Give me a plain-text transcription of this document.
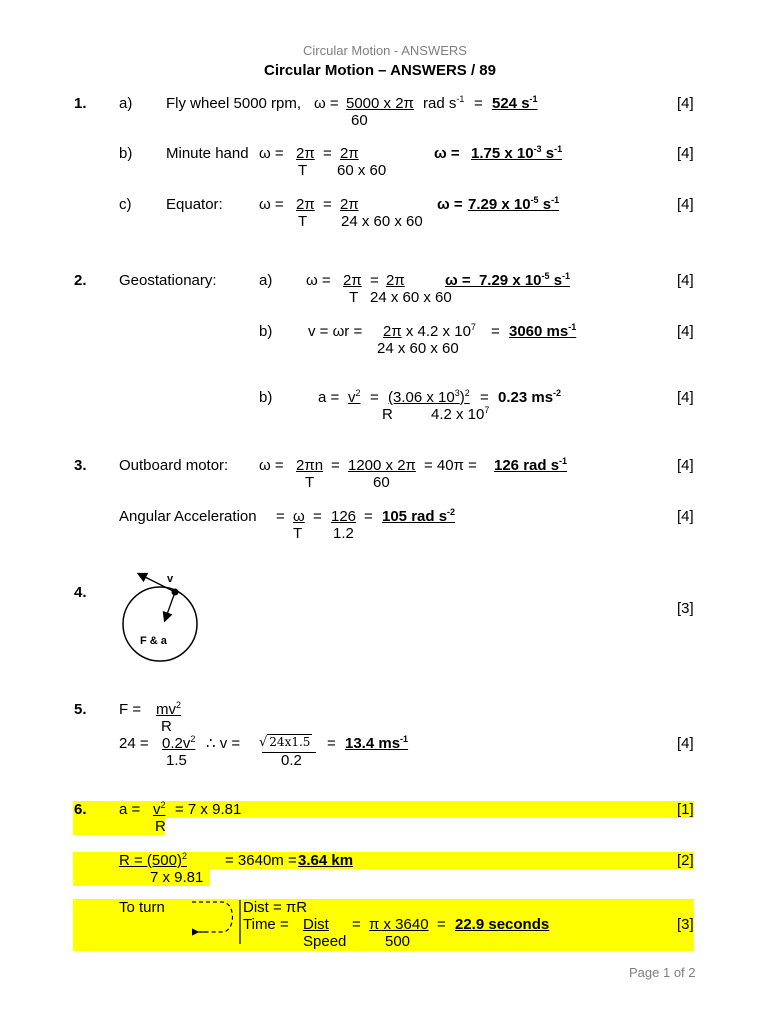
Circular Motion - ANSWERS
Circular Motion – ANSWERS / 89
1. a) Fly wheel 5000 rpm, ω = 5000 x 2π rad $s^{-1} = 524$ $s^{-1}$
60
[4]
b) Minute hand ω = 2π = 2π
T 60 x 60
ω = 1.75 x $10^{-3}$ $s^{-1}$	[4]
c) Equator: ω = 2π = 2π
T 24 x 60 x 60
ω = 7.29 x $10^{-5}$ $s^{-1}$	[4]
2. Geostationary:	a) ω = 2π = 2π
T 24 x 60 x 60
ω = 7.29 x $10^{-5}$ $s^{-1}$	[4]
b) v = ωr = 2π x 4.2 x $10^7 = 3060$ $ms^{-1}$
24 x 60 x 60
[4]
b)	$a = v^2 = (3.06$ x $10^3)^2 = 0.23$ $ms^{-2}$
R	4.2 x $10^7$
[4]
3. Outboard motor: ω = 2πn = 1200 x 2π = 40π = 126 rad $s^{-1}$
T	60
[4]
Angular Acceleration = ω = 126 = 105 rad $s^{-2}$
T 1.2
[4]
4.
v
F & a
[3]
5. $F = mv^2$
R
$24 = 0.2v^2$ ∴ v = √ 24x1.5 = 13.4 $ms^{-1}$
1.5	0.2
[4]
6. $a = v^2 = 7$ x 9.81
R
[1]
$R = (500)^2$	= 3640m = 3.64 km
7 x 9.81
[2]
To turn	Dist = πR
Time = Dist = π x 3640 = 22.9 seconds
Speed	500
[3]
Page 1 of 2
